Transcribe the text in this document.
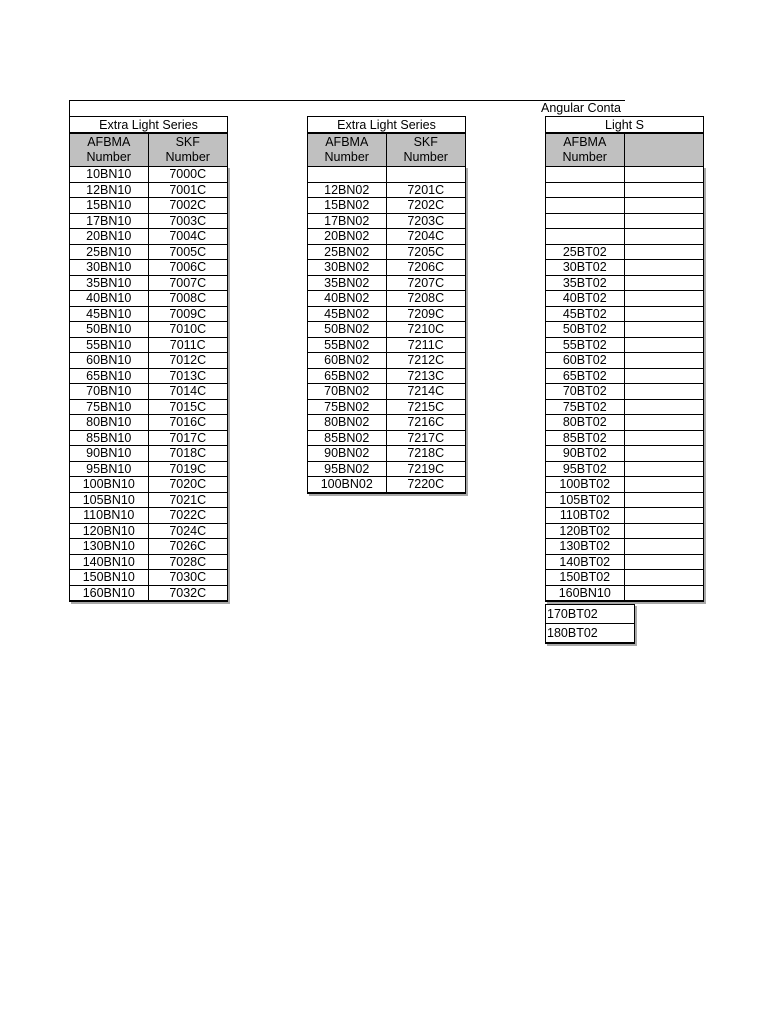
Angular Conta
Extra Light Series
AFBMA
Number
SKF
Number
10BN10	7000C
12BN10	7001C
15BN10	7002C
17BN10	7003C
20BN10	7004C
25BN10	7005C
30BN10	7006C
35BN10	7007C
40BN10	7008C
45BN10	7009C
50BN10	7010C
55BN10	7011C
60BN10	7012C
65BN10	7013C
70BN10	7014C
75BN10	7015C
80BN10	7016C
85BN10	7017C
90BN10	7018C
95BN10	7019C
100BN10	7020C
105BN10	7021C
110BN10	7022C
120BN10	7024C
130BN10	7026C
140BN10	7028C
150BN10	7030C
160BN10	7032C
Extra Light Series
AFBMA
Number
SKF
Number
12BN02	7201C
15BN02	7202C
17BN02	7203C
20BN02	7204C
25BN02	7205C
30BN02	7206C
35BN02	7207C
40BN02	7208C
45BN02	7209C
50BN02	7210C
55BN02	7211C
60BN02	7212C
65BN02	7213C
70BN02	7214C
75BN02	7215C
80BN02	7216C
85BN02	7217C
90BN02	7218C
95BN02	7219C
100BN02	7220C
Light S
AFBMA
Number
25BT02
30BT02
35BT02
40BT02
45BT02
50BT02
55BT02
60BT02
65BT02
70BT02
75BT02
80BT02
85BT02
90BT02
95BT02
100BT02
105BT02
110BT02
120BT02
130BT02
140BT02
150BT02
160BN10
170BT02
180BT02
